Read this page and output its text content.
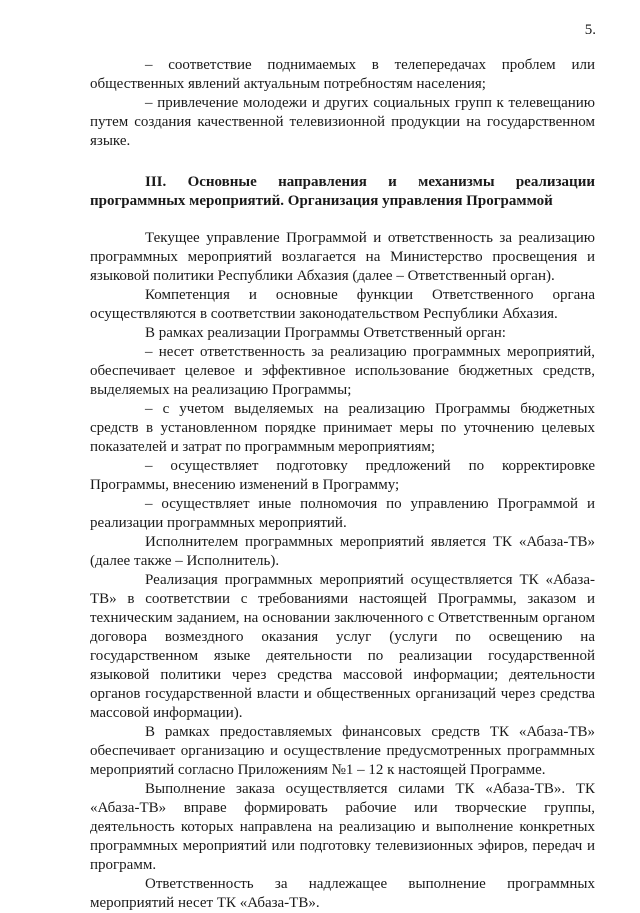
5.

– соответствие поднимаемых в телепередачах проблем или общественных явлений актуальным потребностям населения;

– привлечение молодежи и других социальных групп к телевещанию путем создания качественной телевизионной продукции на государственном языке.

III. Основные направления и механизмы реализации программных мероприятий. Организация управления Программой

Текущее управление Программой и ответственность за реализацию программных мероприятий возлагается на Министерство просвещения и языковой политики Республики Абхазия (далее – Ответственный орган).

Компетенция и основные функции Ответственного органа осуществляются в соответствии законодательством Республики Абхазия.

В рамках реализации Программы Ответственный орган:

– несет ответственность за реализацию программных мероприятий, обеспечивает целевое и эффективное использование бюджетных средств, выделяемых на реализацию Программы;

– с учетом выделяемых на реализацию Программы бюджетных средств в установленном порядке принимает меры по уточнению целевых показателей и затрат по программным мероприятиям;

– осуществляет подготовку предложений по корректировке Программы, внесению изменений в Программу;

– осуществляет иные полномочия по управлению Программой и реализации программных мероприятий.

Исполнителем программных мероприятий является ТК «Абаза-ТВ» (далее также – Исполнитель).

Реализация программных мероприятий осуществляется ТК «Абаза-ТВ» в соответствии с требованиями настоящей Программы, заказом и техническим заданием, на основании заключенного с Ответственным органом договора возмездного оказания услуг (услуги по освещению на государственном языке деятельности по реализации государственной языковой политики через средства массовой информации; деятельности органов государственной власти и общественных организаций через средства массовой информации).

В рамках предоставляемых финансовых средств ТК «Абаза-ТВ» обеспечивает организацию и осуществление предусмотренных программных мероприятий согласно Приложениям №1 – 12 к настоящей Программе.

Выполнение заказа осуществляется силами ТК «Абаза-ТВ». ТК «Абаза-ТВ» вправе формировать рабочие или творческие группы, деятельность которых направлена на реализацию и выполнение конкретных программных мероприятий или подготовку телевизионных эфиров, передач и программ.

Ответственность за надлежащее выполнение программных мероприятий несет ТК «Абаза-ТВ».
